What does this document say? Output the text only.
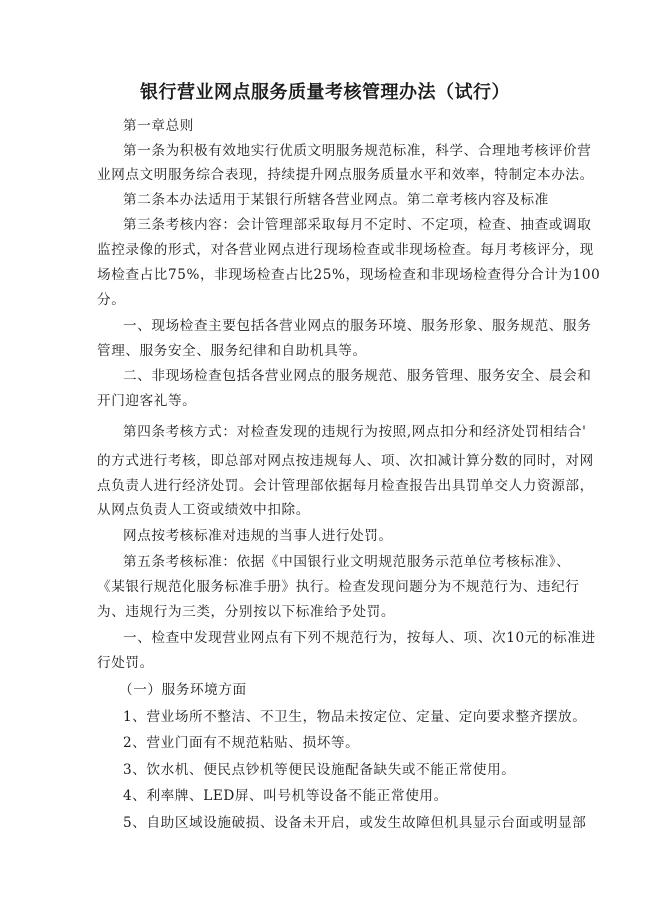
银行营业网点服务质量考核管理办法（试行）
第一章总则
第一条为积极有效地实行优质文明服务规范标准，科学、合理地考核评价营
业网点文明服务综合表现，持续提升网点服务质量水平和效率，特制定本办法。
第二条本办法适用于某银行所辖各营业网点。第二章考核内容及标准
第三条考核内容：会计管理部采取每月不定时、不定项，检查、抽查或调取
监控录像的形式，对各营业网点进行现场检查或非现场检查。每月考核评分，现
场检查占比75%，非现场检查占比25%，现场检查和非现场检查得分合计为100
分。
一、现场检查主要包括各营业网点的服务环境、服务形象、服务规范、服务
管理、服务安全、服务纪律和自助机具等。
二、非现场检查包括各营业网点的服务规范、服务管理、服务安全、晨会和
开门迎客礼等。
第四条考核方式：对检查发现的违规行为按照,网点扣分和经济处罚相结合'
的方式进行考核，即总部对网点按违规每人、项、次扣减计算分数的同时，对网
点负责人进行经济处罚。会计管理部依据每月检查报告出具罚单交人力资源部，
从网点负责人工资或绩效中扣除。
网点按考核标准对违规的当事人进行处罚。
第五条考核标准：依据《中国银行业文明规范服务示范单位考核标准》、
《某银行规范化服务标准手册》执行。检查发现问题分为不规范行为、违纪行
为、违规行为三类，分别按以下标准给予处罚。
一、检查中发现营业网点有下列不规范行为，按每人、项、次10元的标准进
行处罚。
（一）服务环境方面
1、营业场所不整洁、不卫生，物品未按定位、定量、定向要求整齐摆放。
2、营业门面有不规范粘贴、损坏等。
3、饮水机、便民点钞机等便民设施配备缺失或不能正常使用。
4、利率牌、LED屏、叫号机等设备不能正常使用。
5、自助区域设施破损、设备未开启，或发生故障但机具显示台面或明显部
